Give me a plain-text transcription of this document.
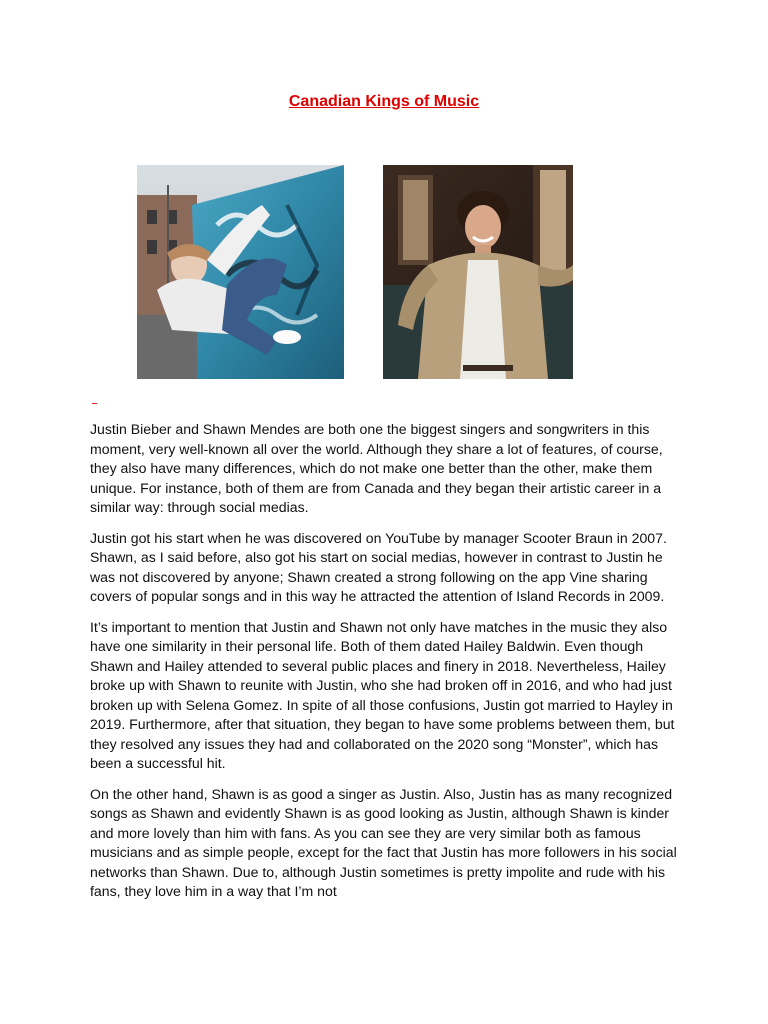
Canadian Kings of Music

Justin Bieber and Shawn Mendes are both one the biggest singers and songwriters in this moment, very well-known all over the world. Although they share a lot of features, of course, they also have many differences, which do not make one better than the other, make them unique. For instance, both of them are from Canada and they began their artistic career in a similar way: through social medias.

Justin got his start when he was discovered on YouTube by manager Scooter Braun in 2007. Shawn, as I said before, also got his start on social medias, however in contrast to Justin he was not discovered by anyone; Shawn created a strong following on the app Vine sharing covers of popular songs and in this way he attracted the attention of Island Records in 2009.

It’s important to mention that Justin and Shawn not only have matches in the music they also have one similarity in their personal life. Both of them dated Hailey Baldwin. Even though Shawn and Hailey attended to several public places and finery in 2018. Nevertheless, Hailey broke up with Shawn to reunite with Justin, who she had broken off in 2016, and who had just broken up with Selena Gomez. In spite of all those confusions, Justin got married to Hayley in 2019. Furthermore, after that situation, they began to have some problems between them, but they resolved any issues they had and collaborated on the 2020 song “Monster”, which has been a successful hit.

On the other hand, Shawn is as good a singer as Justin. Also, Justin has as many recognized songs as Shawn and evidently Shawn is as good looking as Justin, although Shawn is kinder and more lovely than him with fans. As you can see they are very similar both as famous musicians and as simple people, except for the fact that Justin has more followers in his social networks than Shawn. Due to, although Justin sometimes is pretty impolite and rude with his fans, they love him in a way that I’m not
